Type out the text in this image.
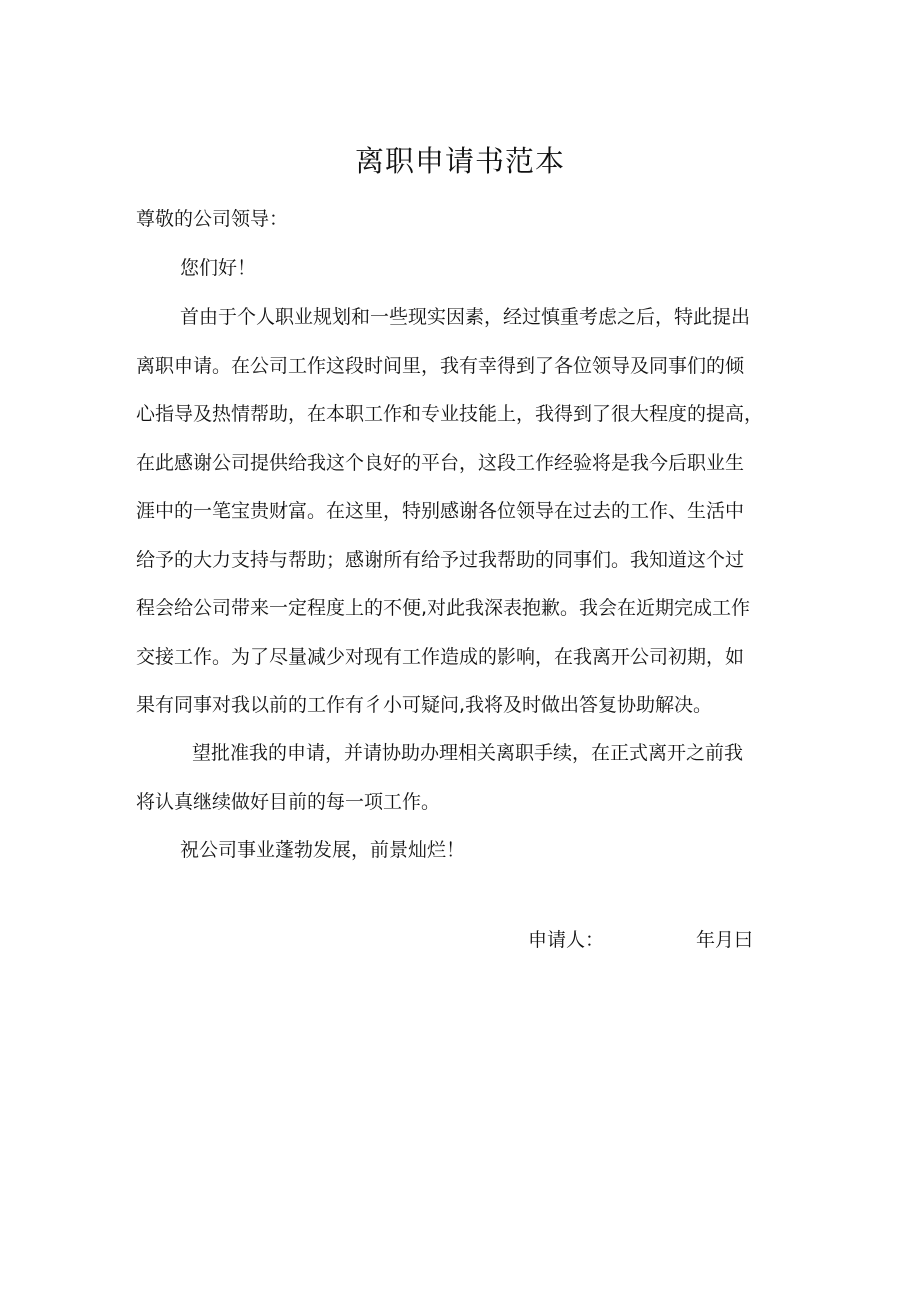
离职申请书范本

尊敬的公司领导：

您们好！

首由于个人职业规划和一些现实因素，经过慎重考虑之后，特此提出
离职申请。在公司工作这段时间里，我有幸得到了各位领导及同事们的倾
心指导及热情帮助，在本职工作和专业技能上，我得到了很大程度的提高，
在此感谢公司提供给我这个良好的平台，这段工作经验将是我今后职业生
涯中的一笔宝贵财富。在这里，特别感谢各位领导在过去的工作、生活中
给予的大力支持与帮助；感谢所有给予过我帮助的同事们。我知道这个过
程会给公司带来一定程度上的不便,对此我深表抱歉。我会在近期完成工作
交接工作。为了尽量减少对现有工作造成的影响，在我离开公司初期，如
果有同事对我以前的工作有彳小可疑问,我将及时做出答复协助解决。
望批准我的申请，并请协助办理相关离职手续，在正式离开之前我
将认真继续做好目前的每一项工作。

祝公司事业蓬勃发展，前景灿烂！

申请人：	年月曰
